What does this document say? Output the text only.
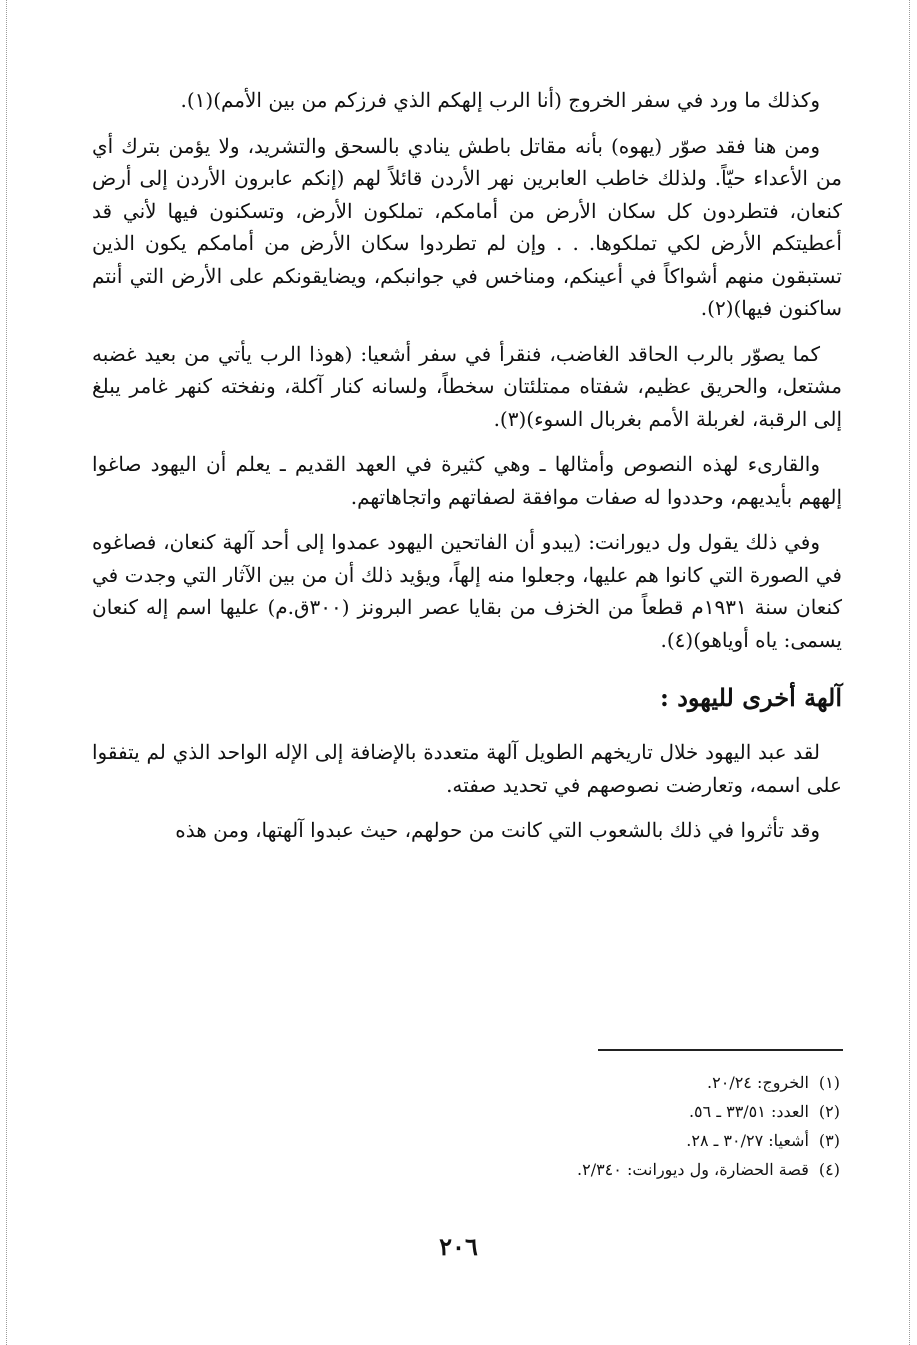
وكذلك ما ورد في سفر الخروج (أنا الرب إلهكم الذي فرزكم من بين الأمم)(١).

ومن هنا فقد صوّر (يهوه) بأنه مقاتل باطش ينادي بالسحق والتشريد، ولا يؤمن بترك أي من الأعداء حيّاً. ولذلك خاطب العابرين نهر الأردن قائلاً لهم (إنكم عابرون الأردن إلى أرض كنعان، فتطردون كل سكان الأرض من أمامكم، تملكون الأرض، وتسكنون فيها لأني قد أعطيتكم الأرض لكي تملكوها. . . وإن لم تطردوا سكان الأرض من أمامكم يكون الذين تستبقون منهم أشواكاً في أعينكم، ومناخس في جوانبكم، ويضايقونكم على الأرض التي أنتم ساكنون فيها)(٢).

كما يصوّر بالرب الحاقد الغاضب، فنقرأ في سفر أشعيا: (هوذا الرب يأتي من بعيد غضبه مشتعل، والحريق عظيم، شفتاه ممتلئتان سخطاً، ولسانه كنار آكلة، ونفخته كنهر غامر يبلغ إلى الرقبة، لغربلة الأمم بغربال السوء)(٣).

والقارىء لهذه النصوص وأمثالها ـ وهي كثيرة في العهد القديم ـ يعلم أن اليهود صاغوا إلههم بأيديهم، وحددوا له صفات موافقة لصفاتهم واتجاهاتهم.

وفي ذلك يقول ول ديورانت: (يبدو أن الفاتحين اليهود عمدوا إلى أحد آلهة كنعان، فصاغوه في الصورة التي كانوا هم عليها، وجعلوا منه إلهاً، ويؤيد ذلك أن من بين الآثار التي وجدت في كنعان سنة ١٩٣١م قطعاً من الخزف من بقايا عصر البرونز (٣٠٠ق.م) عليها اسم إله كنعان يسمى: ياه أوياهو)(٤).

آلهة أخرى لليهود :

لقد عبد اليهود خلال تاريخهم الطويل آلهة متعددة بالإضافة إلى الإله الواحد الذي لم يتفقوا على اسمه، وتعارضت نصوصهم في تحديد صفته.

وقد تأثروا في ذلك بالشعوب التي كانت من حولهم، حيث عبدوا آلهتها، ومن هذه

(١) الخروج: ٢٠/٢٤.
(٢) العدد: ٣٣/٥١ ـ ٥٦.
(٣) أشعيا: ٣٠/٢٧ ـ ٢٨.
(٤) قصة الحضارة، ول ديورانت: ٢/٣٤٠.
٢٠٦
